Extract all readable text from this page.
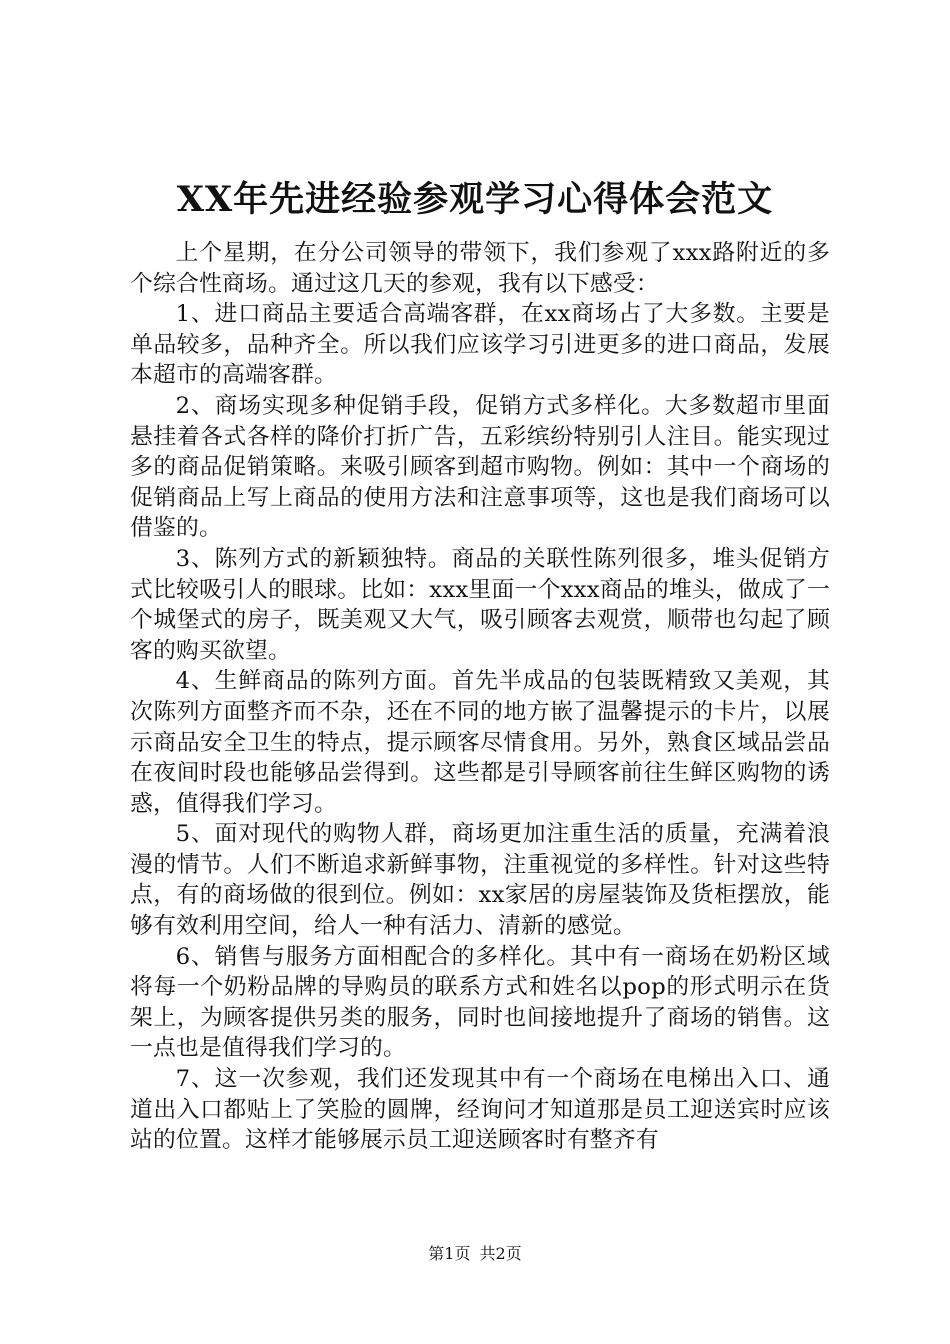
XX年先进经验参观学习心得体会范文

上个星期，在分公司领导的带领下，我们参观了xxx路附近的多个综合性商场。通过这几天的参观，我有以下感受：

1、进口商品主要适合高端客群，在xx商场占了大多数。主要是单品较多，品种齐全。所以我们应该学习引进更多的进口商品，发展本超市的高端客群。

2、商场实现多种促销手段，促销方式多样化。大多数超市里面悬挂着各式各样的降价打折广告，五彩缤纷特别引人注目。能实现过多的商品促销策略。来吸引顾客到超市购物。例如：其中一个商场的促销商品上写上商品的使用方法和注意事项等，这也是我们商场可以借鉴的。

3、陈列方式的新颖独特。商品的关联性陈列很多，堆头促销方式比较吸引人的眼球。比如：xxx里面一个xxx商品的堆头，做成了一个城堡式的房子，既美观又大气，吸引顾客去观赏，顺带也勾起了顾客的购买欲望。

4、生鲜商品的陈列方面。首先半成品的包装既精致又美观，其次陈列方面整齐而不杂，还在不同的地方嵌了温馨提示的卡片，以展示商品安全卫生的特点，提示顾客尽情食用。另外，熟食区域品尝品在夜间时段也能够品尝得到。这些都是引导顾客前往生鲜区购物的诱惑，值得我们学习。

5、面对现代的购物人群，商场更加注重生活的质量，充满着浪漫的情节。人们不断追求新鲜事物，注重视觉的多样性。针对这些特点，有的商场做的很到位。例如：xx家居的房屋装饰及货柜摆放，能够有效利用空间，给人一种有活力、清新的感觉。

6、销售与服务方面相配合的多样化。其中有一商场在奶粉区域将每一个奶粉品牌的导购员的联系方式和姓名以pop的形式明示在货架上，为顾客提供另类的服务，同时也间接地提升了商场的销售。这一点也是值得我们学习的。

7、这一次参观，我们还发现其中有一个商场在电梯出入口、通道出入口都贴上了笑脸的圆牌，经询问才知道那是员工迎送宾时应该站的位置。这样才能够展示员工迎送顾客时有整齐有

第1页 共2页
